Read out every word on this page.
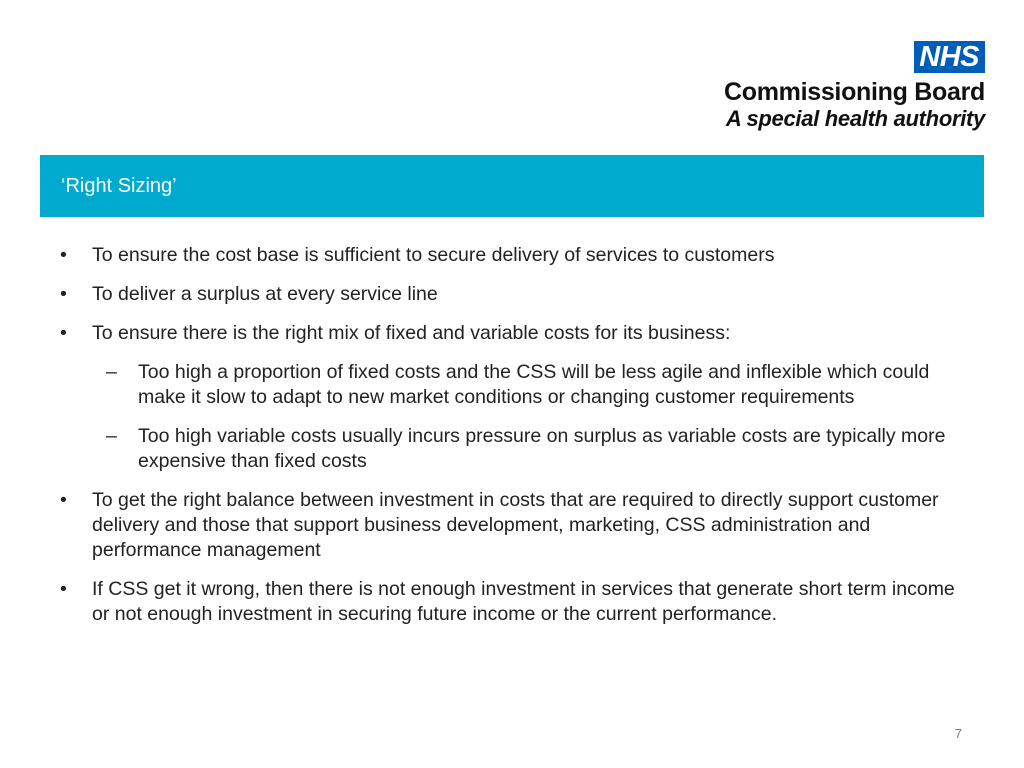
NHS
Commissioning Board
A special health authority
‘Right Sizing’
• To ensure the cost base is sufficient to secure delivery of services to customers
• To deliver a surplus at every service line
• To ensure there is the right mix of fixed and variable costs for its business:
– Too high a proportion of fixed costs and the CSS will be less agile and inflexible which could make it slow to adapt to new market conditions or changing customer requirements
– Too high variable costs usually incurs pressure on surplus as variable costs are typically more expensive than fixed costs
• To get the right balance between investment in costs that are required to directly support customer delivery and those that support business development, marketing, CSS administration and performance management
• If CSS get it wrong, then there is not enough investment in services that generate short term income or not enough investment in securing future income or the current performance.
7
